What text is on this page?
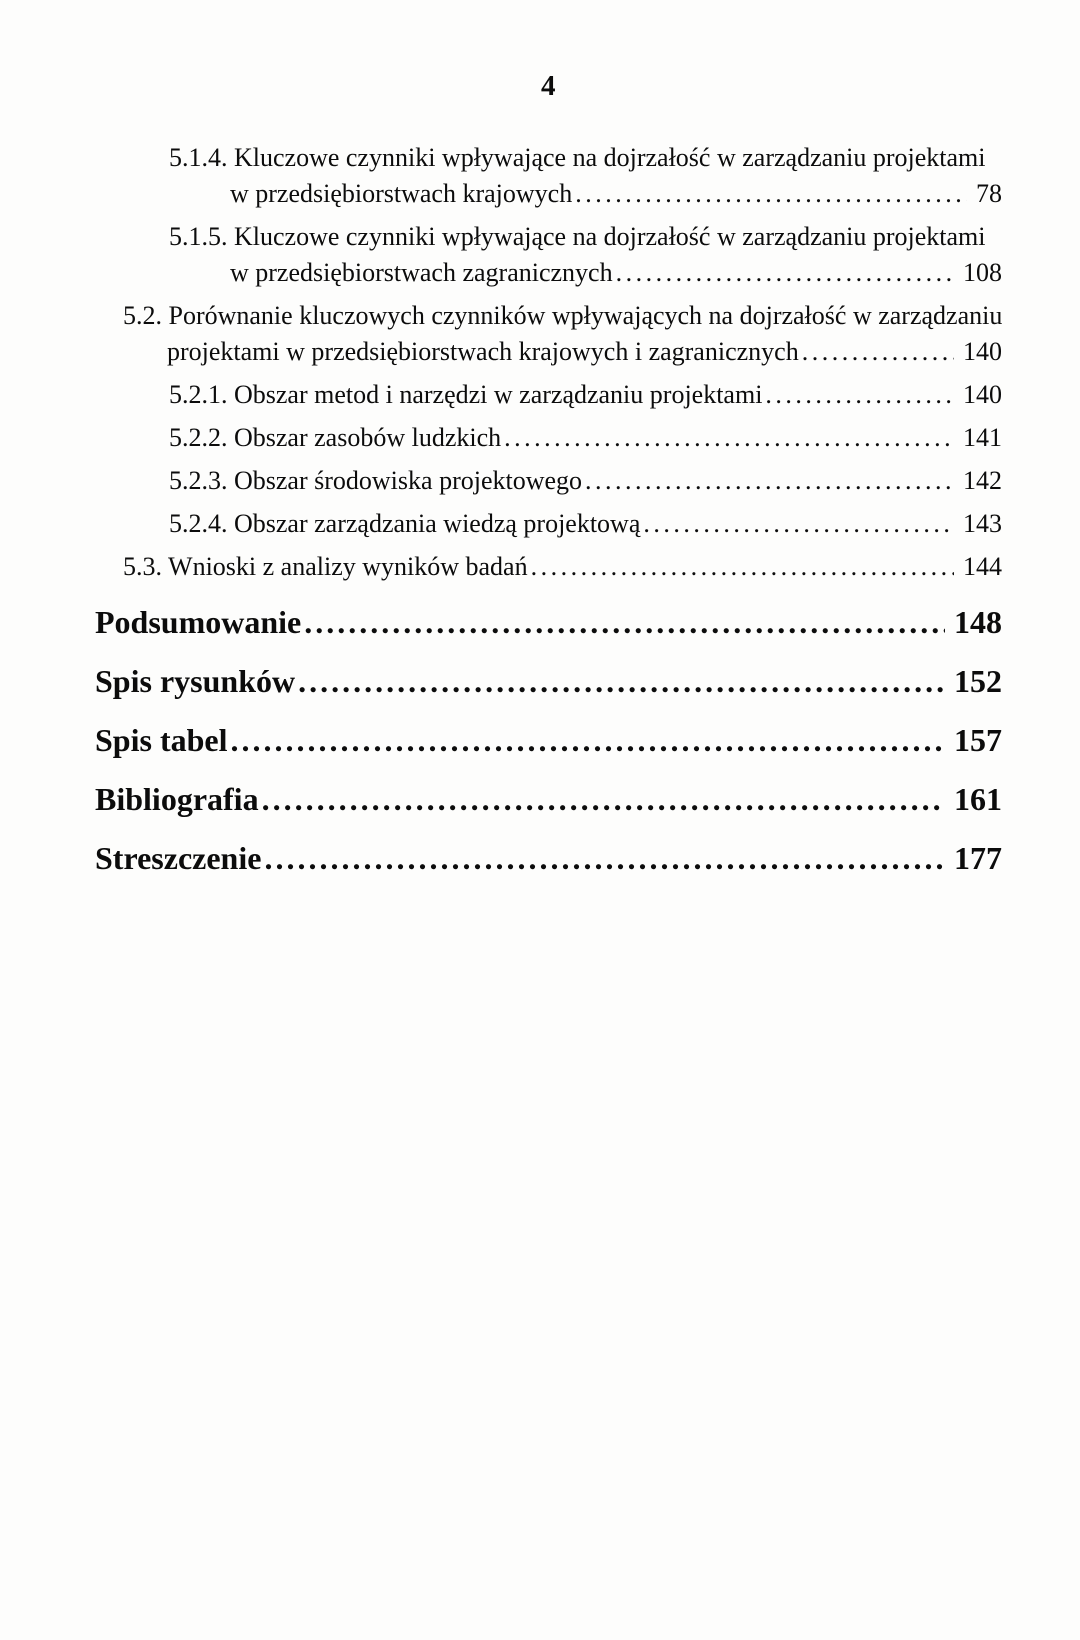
4
5.1.4. Kluczowe czynniki wpływające na dojrzałość w zarządzaniu projektami
w przedsiębiorstwach krajowych .....	78
5.1.5. Kluczowe czynniki wpływające na dojrzałość w zarządzaniu projektami
w przedsiębiorstwach zagranicznych .....	108
5.2. Porównanie kluczowych czynników wpływających na dojrzałość w zarządzaniu
projektami w przedsiębiorstwach krajowych i zagranicznych .....	140
5.2.1. Obszar metod i narzędzi w zarządzaniu projektami .....	140
5.2.2. Obszar zasobów ludzkich .....	141
5.2.3. Obszar środowiska projektowego .....	142
5.2.4. Obszar zarządzania wiedzą projektową .....	143
5.3. Wnioski z analizy wyników badań .....	144
Podsumowanie .....	148
Spis rysunków .....	152
Spis tabel .....	157
Bibliografia .....	161
Streszczenie .....	177
